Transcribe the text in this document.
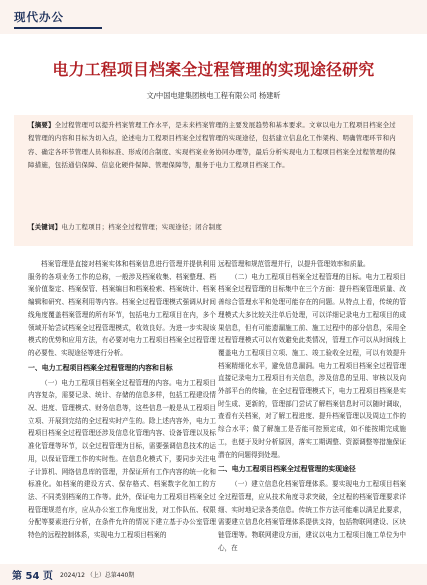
现代办公
电力工程项目档案全过程管理的实现途径研究
文/中国电建集团核电工程有限公司 杨建昕

【摘要】全过程管理可以提升档案管理工作水平，是未来档案管理的主要发展趋势和基本要求。文章以电力工程项目档案全过程管理的内容和目标为切入点，论述电力工程项目档案全过程管理的实现途径，包括建立信息化工作架构、明确管理环节和内容、确定各环节管理人员和标准、形成闭合制度、实现档案业务协同办理等，最后分析实现电力工程项目档案全过程管理的保障措施，包括通信保障、信息化硬件保障、管理保障等，服务于电力工程项目档案工作。

【关键词】电力工程项目；档案全过程管理；实现途径；闭合制度

档案管理是直接对档案实体和档案信息进行管理并提供利用服务的各项业务工作的总称，一般涉及档案收集、档案整理、档案价值鉴定、档案保管、档案编目和档案检索、档案统计、档案编辑和研究、档案利用等内容。档案全过程管理模式强调从时间线角度覆盖档案管理的所有环节，包括电力工程项目在内，多个领域开始尝试档案全过程管理模式，收效良好。为进一步实现该模式的优势和应用方法，有必要对电力工程项目档案全过程管理的必要性、实现途径等进行分析。

一、电力工程项目档案全过程管理的内容和目标

（一）电力工程项目档案全过程管理的内容。电力工程项目内容复杂，需要记录、统计、存储的信息多样，包括工程建设情况、进度、管理模式、财务信息等，这些信息一般是从工程项目立项、开展到完结的全过程实时产生的。除上述内容外，电力工程项目档案全过程管理还涉及信息化管理内容、设备管理以及标准化管理等环节，以全过程管理为目标，需要强调信息技术的运用，以保证管理工作的实时性。在信息化模式下，要同步关注电子计算机、网络信息库的管理，并保证所有工作内容的统一化和标准化。如档案的建设方式、保存格式、档案数字化加工的方法、不同类别档案的工作等。此外，保证电力工程项目档案全过程管理规范有序，应从办公室工作角度出发，对工作队伍、权限分配等要素进行分析，在条件允许的情况下建立基于办公室管理特色的远程控制体系，实现电力工程项目档案的

远程管理和规范管理并行，以提升管理效率和质量。

（二）电力工程项目档案全过程管理的目标。电力工程项目档案全过程管理的目标集中在三个方面：提升档案管理质量、改善综合管理水平和处理可能存在的问题。从特点上看，传统的管理模式大多比较关注单后处理，可以详细记录电力工程项目的成果信息，但有可能遗漏施工前、施工过程中的部分信息，采用全过程管理模式可以有效避免此类情况，管理工作可以从时间线上覆盖电力工程项目立项、施工、竣工验收全过程，可以有效提升档案精细化水平，避免信息漏洞。电力工程项目档案全过程管理直接记录电力工程项目有关信息，涉及信息的呈用、审核以及向外部平台的传输，在全过程管理模式下，电力工程项目档案是实时生成、更新的，管理部门尝试了解档案信息时可以随时调取，查看有关档案，对了解工程进度、提升档案管理以及周边工作的综合水平；做了解施工是否能可控预定成，如不能按期完成施工，也便于及时分析原因，落实工期调整、资源调整等措施保证潜在的问题得到处理。

二、电力工程项目档案全过程管理的实现途径

（一）建立信息化档案管理体系。要实现电力工程项目档案全过程管理，应从技术角度寻求突破，全过程的档案管理要求详细、实时地记录各类信息。传统工作方法可能难以满足此要求，需要建立信息化档案管理体系提供支持，包括物联网建设、区块链管理等。物联网建设方面，建议以电力工程项目施工单位为中心，在

第 54 页 2024/12 （上）总第440期
